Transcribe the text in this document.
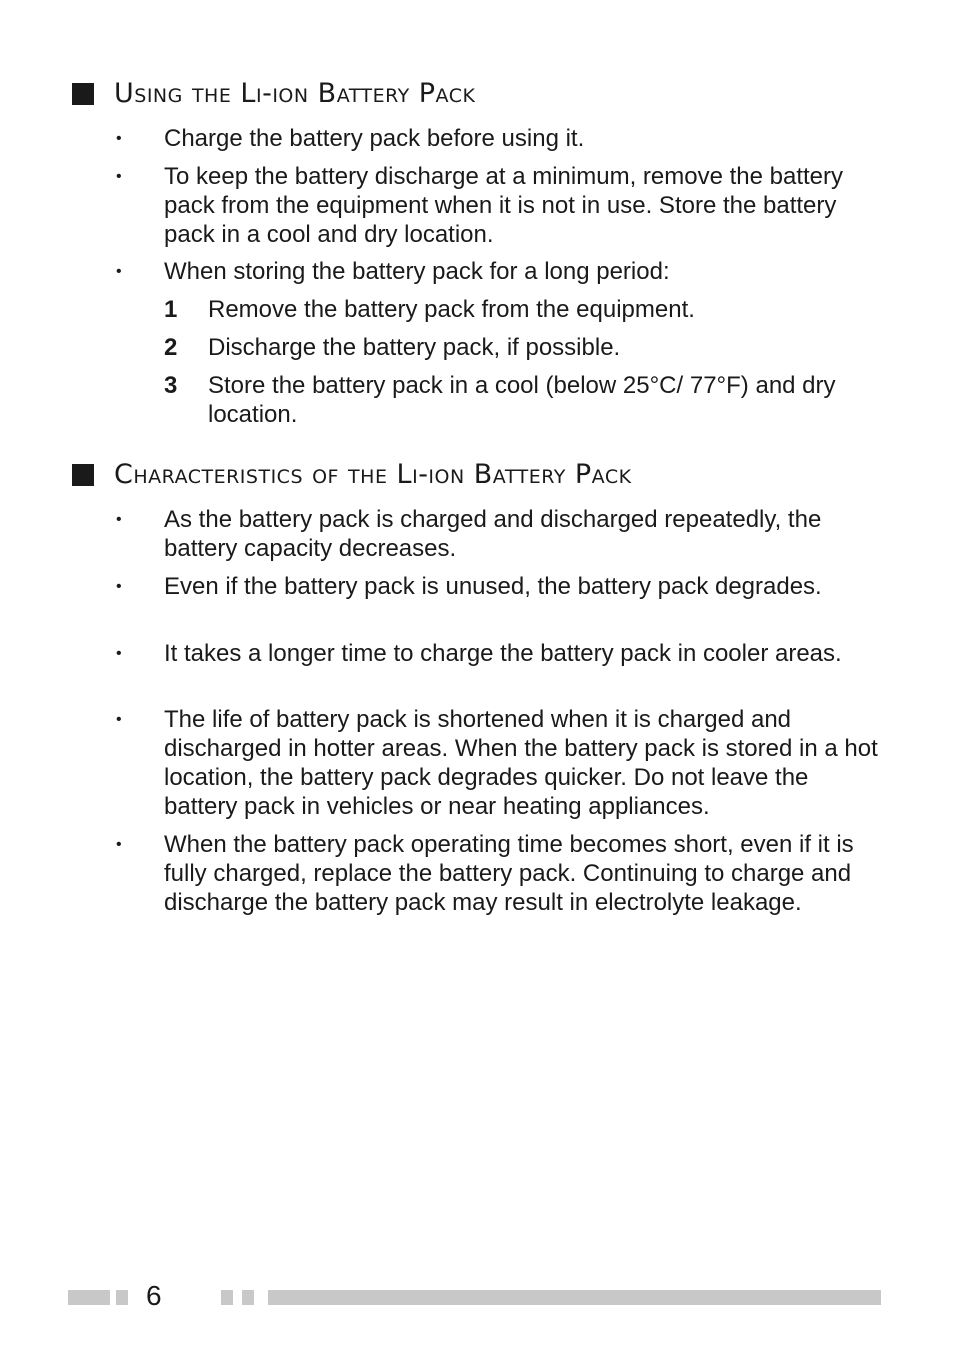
Using the Li-ion Battery Pack
•	Charge the battery pack before using it.
•	To keep the battery discharge at a minimum, remove the battery pack from the equipment when it is not in use. Store the battery pack in a cool and dry location.
•	When storing the battery pack for a long period:
1 Remove the battery pack from the equipment.
2 Discharge the battery pack, if possible.
3 Store the battery pack in a cool (below 25°C/ 77°F) and dry location.
Characteristics of the Li-ion Battery Pack
•	As the battery pack is charged and discharged repeatedly, the battery capacity decreases.
•	Even if the battery pack is unused, the battery pack degrades.
•	It takes a longer time to charge the battery pack in cooler areas.
•	The life of battery pack is shortened when it is charged and discharged in hotter areas. When the battery pack is stored in a hot location, the battery pack degrades quicker. Do not leave the battery pack in vehicles or near heating appliances.
•	When the battery pack operating time becomes short, even if it is fully charged, replace the battery pack. Continuing to charge and discharge the battery pack may result in electrolyte leakage.
6
